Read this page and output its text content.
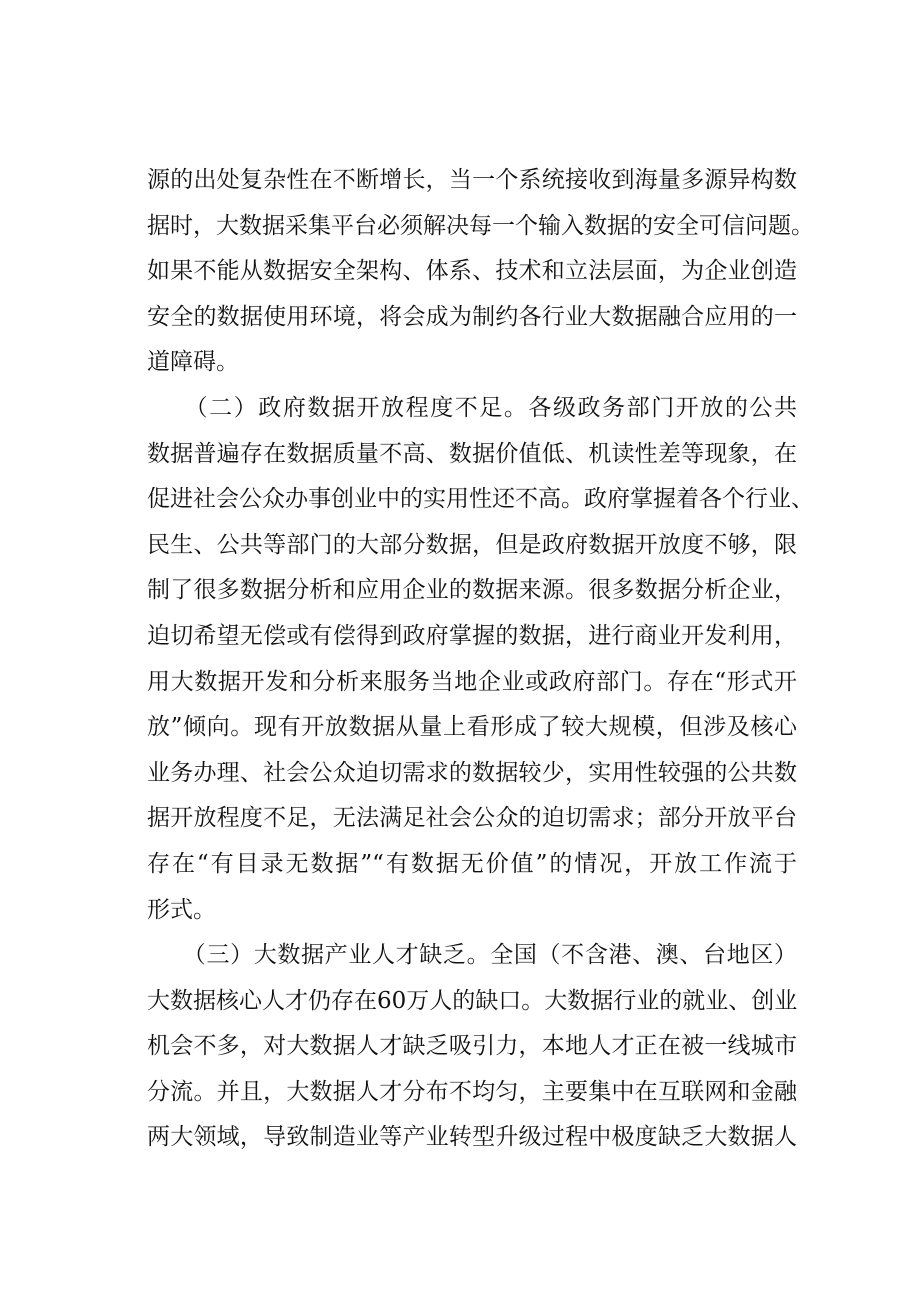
源的出处复杂性在不断增长，当一个系统接收到海量多源异构数
据时，大数据采集平台必须解决每一个输入数据的安全可信问题。
如果不能从数据安全架构、体系、技术和立法层面，为企业创造
安全的数据使用环境，将会成为制约各行业大数据融合应用的一
道障碍。
　　（二）政府数据开放程度不足。各级政务部门开放的公共
数据普遍存在数据质量不高、数据价值低、机读性差等现象，在
促进社会公众办事创业中的实用性还不高。政府掌握着各个行业、
民生、公共等部门的大部分数据，但是政府数据开放度不够，限
制了很多数据分析和应用企业的数据来源。很多数据分析企业，
迫切希望无偿或有偿得到政府掌握的数据，进行商业开发利用，
用大数据开发和分析来服务当地企业或政府部门。存在“形式开
放”倾向。现有开放数据从量上看形成了较大规模，但涉及核心
业务办理、社会公众迫切需求的数据较少，实用性较强的公共数
据开放程度不足，无法满足社会公众的迫切需求；部分开放平台
存在“有目录无数据”“有数据无价值”的情况，开放工作流于
形式。
　　（三）大数据产业人才缺乏。全国（不含港、澳、台地区）
大数据核心人才仍存在60万人的缺口。大数据行业的就业、创业
机会不多，对大数据人才缺乏吸引力，本地人才正在被一线城市
分流。并且，大数据人才分布不均匀，主要集中在互联网和金融
两大领域，导致制造业等产业转型升级过程中极度缺乏大数据人
